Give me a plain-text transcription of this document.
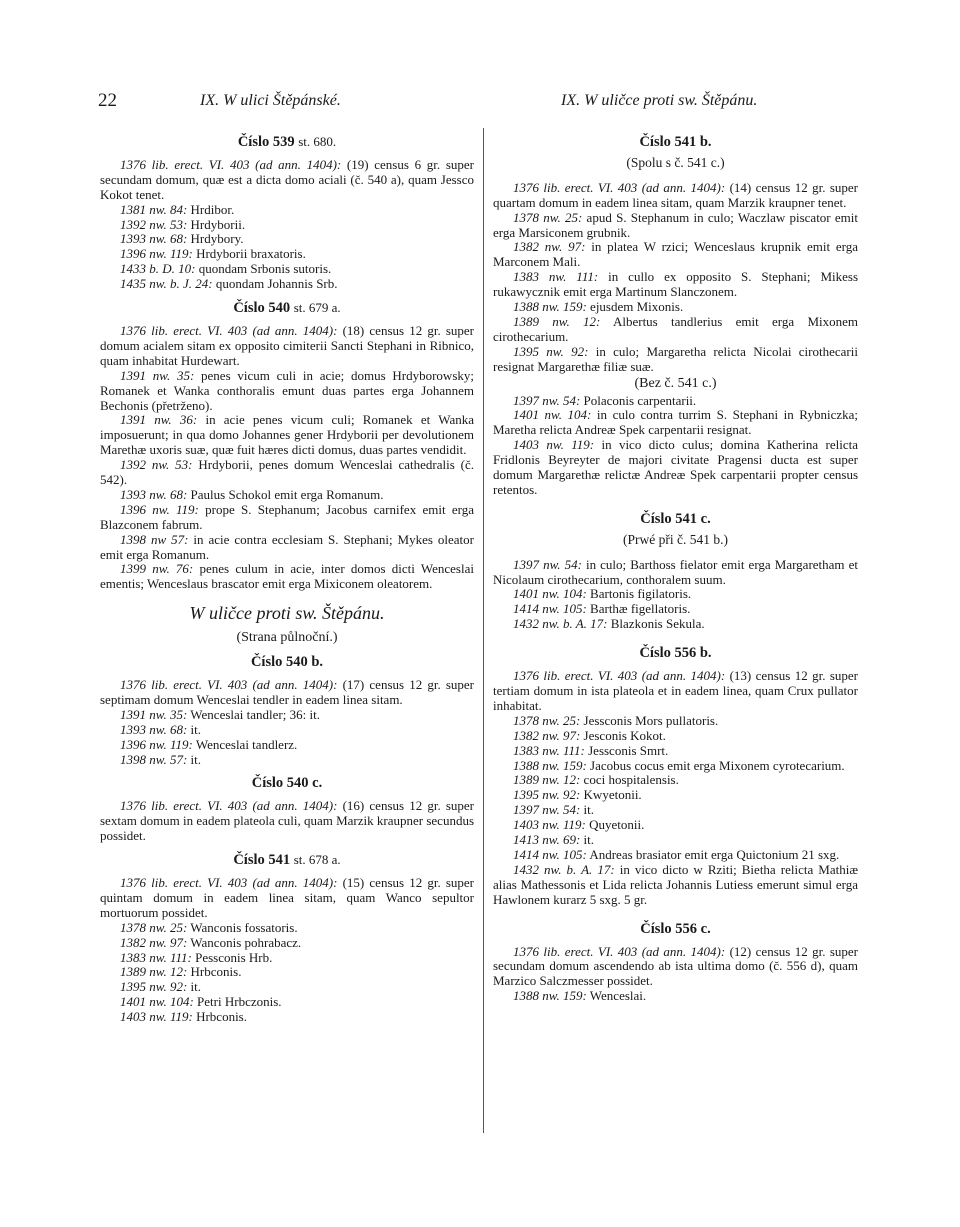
22	IX. W ulici Štěpánské.	IX. W uličce proti sw. Štěpánu.
Číslo 539 st. 680.

1376 lib. erect. VI. 403 (ad ann. 1404): (19) census 6 gr. super secundam domum, quæ est a dicta domo aciali (č. 540 a), quam Jessco Kokot tenet.

1381 nw. 84: Hrdibor.

1392 nw. 53: Hrdyborii.

1393 nw. 68: Hrdybory.

1396 nw. 119: Hrdyborii braxatoris.

1433 b. D. 10: quondam Srbonis sutoris.

1435 nw. b. J. 24: quondam Johannis Srb.

Číslo 540 st. 679 a.

1376 lib. erect. VI. 403 (ad ann. 1404): (18) census 12 gr. super domum acialem sitam ex opposito cimiterii Sancti Stephani in Ribnico, quam inhabitat Hurdewart.

1391 nw. 35: penes vicum culi in acie; domus Hrdyborowsky; Romanek et Wanka conthoralis emunt duas partes erga Johannem Bechonis (přetrženo).

1391 nw. 36: in acie penes vicum culi; Romanek et Wanka imposuerunt; in qua domo Johannes gener Hrdyborii per devolutionem Marethæ uxoris suæ, quæ fuit hæres dicti domus, duas partes vendidit.

1392 nw. 53: Hrdyborii, penes domum Wenceslai cathedralis (č. 542).

1393 nw. 68: Paulus Schokol emit erga Romanum.

1396 nw. 119: prope S. Stephanum; Jacobus carnifex emit erga Blazconem fabrum.

1398 nw 57: in acie contra ecclesiam S. Stephani; Mykes oleator emit erga Romanum.

1399 nw. 76: penes culum in acie, inter domos dicti Wenceslai ementis; Wenceslaus brascator emit erga Mixiconem oleatorem.

W uličce proti sw. Štěpánu.
(Strana půlnoční.)
Číslo 540 b.

1376 lib. erect. VI. 403 (ad ann. 1404): (17) census 12 gr. super septimam domum Wenceslai tendler in eadem linea sitam.

1391 nw. 35: Wenceslai tandler; 36: it.

1393 nw. 68: it.

1396 nw. 119: Wenceslai tandlerz.

1398 nw. 57: it.

Číslo 540 c.

1376 lib. erect. VI. 403 (ad ann. 1404): (16) census 12 gr. super sextam domum in eadem plateola culi, quam Marzik kraupner secundus possidet.

Číslo 541 st. 678 a.

1376 lib. erect. VI. 403 (ad ann. 1404): (15) census 12 gr. super quintam domum in eadem linea sitam, quam Wanco sepultor mortuorum possidet.

1378 nw. 25: Wanconis fossatoris.

1382 nw. 97: Wanconis pohrabacz.

1383 nw. 111: Pessconis Hrb.

1389 nw. 12: Hrbconis.

1395 nw. 92: it.

1401 nw. 104: Petri Hrbczonis.

1403 nw. 119: Hrbconis.

Číslo 541 b.
(Spolu s č. 541 c.)

1376 lib. erect. VI. 403 (ad ann. 1404): (14) census 12 gr. super quartam domum in eadem linea sitam, quam Marzik kraupner tenet.

1378 nw. 25: apud S. Stephanum in culo; Waczlaw piscator emit erga Marsiconem grubnik.

1382 nw. 97: in platea W rzici; Wenceslaus krupnik emit erga Marconem Mali.

1383 nw. 111: in cullo ex opposito S. Stephani; Mikess rukawycznik emit erga Martinum Slanczonem.

1388 nw. 159: ejusdem Mixonis.

1389 nw. 12: Albertus tandlerius emit erga Mixonem cirothecarium.

1395 nw. 92: in culo; Margaretha relicta Nicolai cirothecarii resignat Margarethæ filiæ suæ.

(Bez č. 541 c.)

1397 nw. 54: Polaconis carpentarii.

1401 nw. 104: in culo contra turrim S. Stephani in Rybniczka; Maretha relicta Andreæ Spek carpentarii resignat.

1403 nw. 119: in vico dicto culus; domina Katherina relicta Fridlonis Beyreyter de majori civitate Pragensi ducta est super domum Margarethæ relictæ Andreæ Spek carpentarii propter census retentos.

Číslo 541 c.
(Prwé při č. 541 b.)

1397 nw. 54: in culo; Barthoss fielator emit erga Margaretham et Nicolaum cirothecarium, conthoralem suum.

1401 nw. 104: Bartonis figilatoris.

1414 nw. 105: Barthæ figellatoris.

1432 nw. b. A. 17: Blazkonis Sekula.

Číslo 556 b.

1376 lib. erect. VI. 403 (ad ann. 1404): (13) census 12 gr. super tertiam domum in ista plateola et in eadem linea, quam Crux pullator inhabitat.

1378 nw. 25: Jessconis Mors pullatoris.

1382 nw. 97: Jesconis Kokot.

1383 nw. 111: Jessconis Smrt.

1388 nw. 159: Jacobus cocus emit erga Mixonem cyrotecarium.

1389 nw. 12: coci hospitalensis.

1395 nw. 92: Kwyetonii.

1397 nw. 54: it.

1403 nw. 119: Quyetonii.

1413 nw. 69: it.

1414 nw. 105: Andreas brasiator emit erga Quictonium 21 sxg.

1432 nw. b. A. 17: in vico dicto w Rziti; Bietha relicta Mathiæ alias Mathessonis et Lida relicta Johannis Lutiess emerunt simul erga Hawlonem kurarz 5 sxg. 5 gr.

Číslo 556 c.

1376 lib. erect. VI. 403 (ad ann. 1404): (12) census 12 gr. super secundam domum ascendendo ab ista ultima domo (č. 556 d), quam Marzico Salczmesser possidet.

1388 nw. 159: Wenceslai.
